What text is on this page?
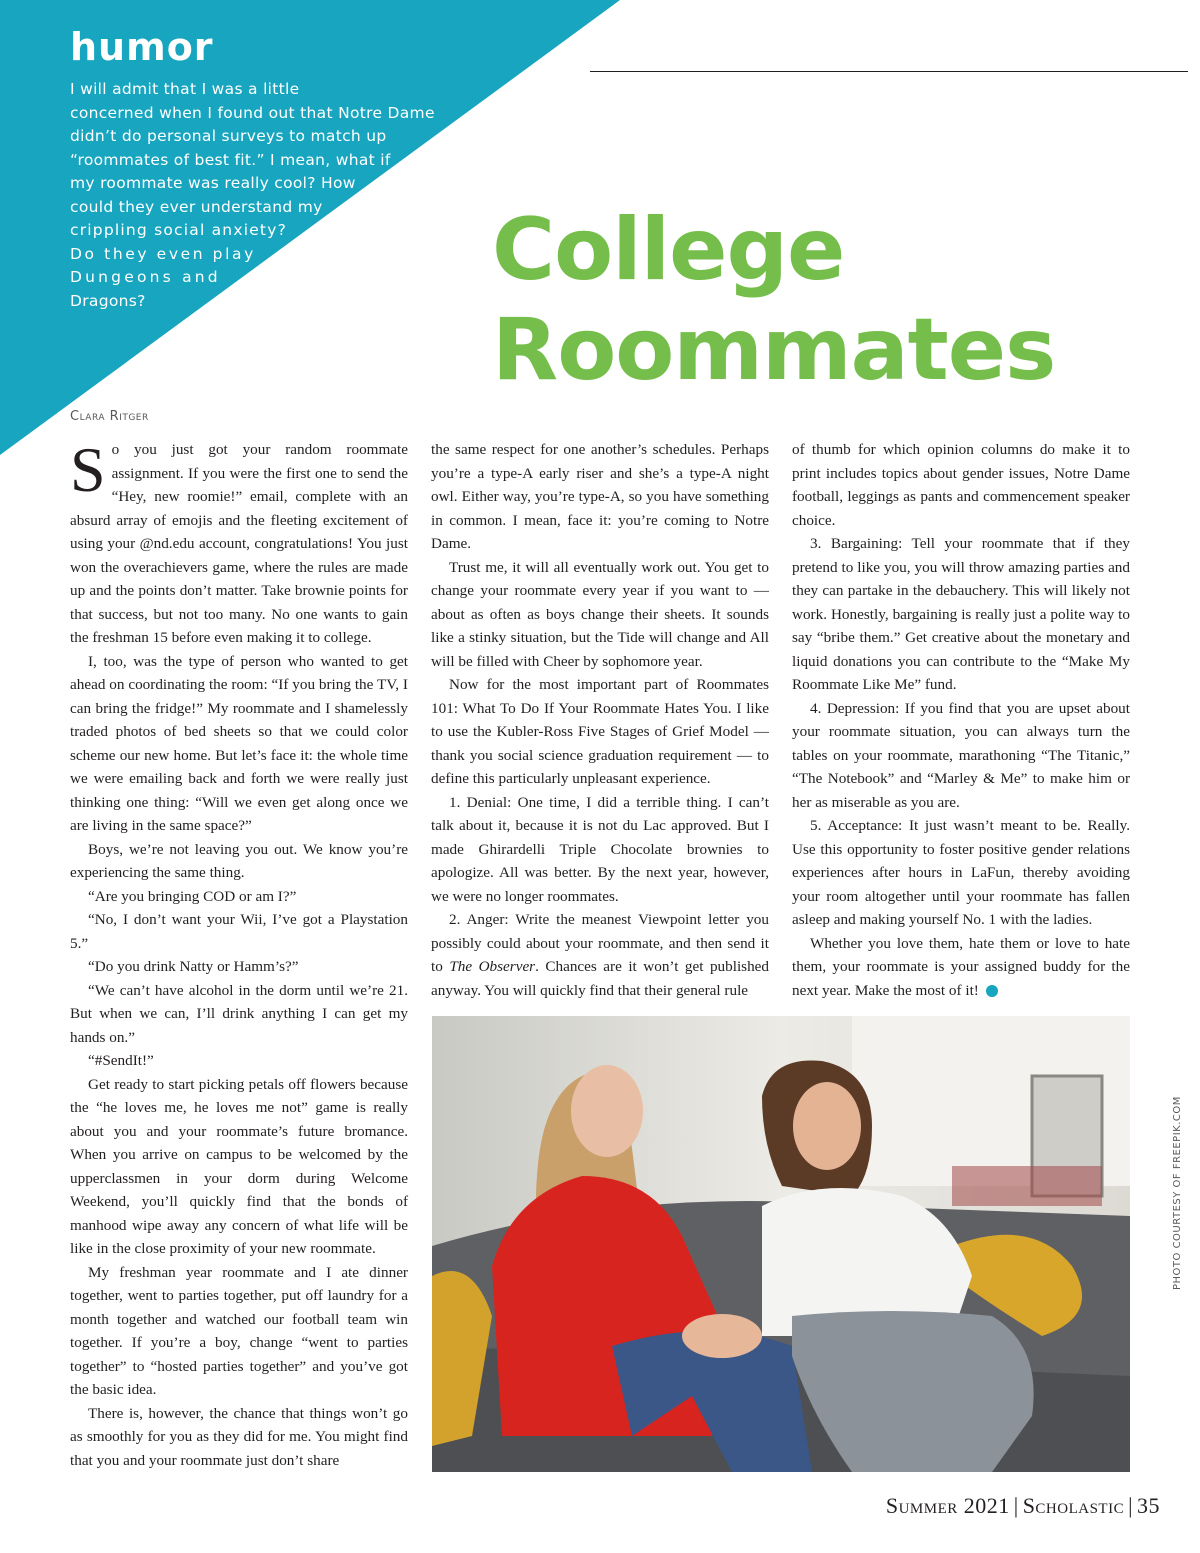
humor
I will admit that I was a little
concerned when I found out that Notre Dame
didn’t do personal surveys to match up
“roommates of best fit.” I mean, what if
my roommate was really cool? How
could they ever understand my
crippling social anxiety?
Do they even play
Dungeons and
Dragons?
College
Roommates
Clara Ritger

So you just got your random roommate assignment. If you were the first one to send the “Hey, new roomie!” email, complete with an absurd array of emojis and the fleeting excitement of using your @nd.edu account, congratulations! You just won the overachievers game, where the rules are made up and the points don’t matter. Take brownie points for that success, but not too many. No one wants to gain the freshman 15 before even making it to college.

I, too, was the type of person who wanted to get ahead on coordinating the room: “If you bring the TV, I can bring the fridge!” My roommate and I shamelessly traded photos of bed sheets so that we could color scheme our new home. But let’s face it: the whole time we were emailing back and forth we were really just thinking one thing: “Will we even get along once we are living in the same space?”

Boys, we’re not leaving you out. We know you’re experiencing the same thing.

“Are you bringing COD or am I?”

“No, I don’t want your Wii, I’ve got a Playstation 5.”

“Do you drink Natty or Hamm’s?”

“We can’t have alcohol in the dorm until we’re 21. But when we can, I’ll drink anything I can get my hands on.”

“#SendIt!”

Get ready to start picking petals off flowers because the “he loves me, he loves me not” game is really about you and your roommate’s future bromance. When you arrive on campus to be welcomed by the upperclassmen in your dorm during Welcome Weekend, you’ll quickly find that the bonds of manhood wipe away any concern of what life will be like in the close proximity of your new roommate.

My freshman year roommate and I ate dinner together, went to parties together, put off laundry for a month together and watched our football team win together. If you’re a boy, change “went to parties together” to “hosted parties together” and you’ve got the basic idea.

There is, however, the chance that things won’t go as smoothly for you as they did for me. You might find that you and your roommate just don’t share

the same respect for one another’s schedules. Perhaps you’re a type-A early riser and she’s a type-A night owl. Either way, you’re type-A, so you have something in common. I mean, face it: you’re coming to Notre Dame.

Trust me, it will all eventually work out. You get to change your roommate every year if you want to — about as often as boys change their sheets. It sounds like a stinky situation, but the Tide will change and All will be filled with Cheer by sophomore year.

Now for the most important part of Roommates 101: What To Do If Your Roommate Hates You. I like to use the Kubler-Ross Five Stages of Grief Model — thank you social science graduation requirement — to define this particularly unpleasant experience.

1. Denial: One time, I did a terrible thing. I can’t talk about it, because it is not du Lac approved. But I made Ghirardelli Triple Chocolate brownies to apologize. All was better. By the next year, however, we were no longer roommates.

2. Anger: Write the meanest Viewpoint letter you possibly could about your roommate, and then send it to The Observer. Chances are it won’t get published anyway. You will quickly find that their general rule

of thumb for which opinion columns do make it to print includes topics about gender issues, Notre Dame football, leggings as pants and commencement speaker choice.

3. Bargaining: Tell your roommate that if they pretend to like you, you will throw amazing parties and they can partake in the debauchery. This will likely not work. Honestly, bargaining is really just a polite way to say “bribe them.” Get creative about the monetary and liquid donations you can contribute to the “Make My Roommate Like Me” fund.

4. Depression: If you find that you are upset about your roommate situation, you can always turn the tables on your roommate, marathoning “The Titanic,” “The Notebook” and “Marley & Me” to make him or her as miserable as you are.

5. Acceptance: It just wasn’t meant to be. Really. Use this opportunity to foster positive gender relations experiences after hours in LaFun, thereby avoiding your room altogether until your roommate has fallen asleep and making yourself No. 1 with the ladies.

Whether you love them, hate them or love to hate them, your roommate is your assigned buddy for the next year. Make the most of it!	S

PHOTO COURTESY OF FREEPIK.COM
Summer 2021 | Scholastic | 35
